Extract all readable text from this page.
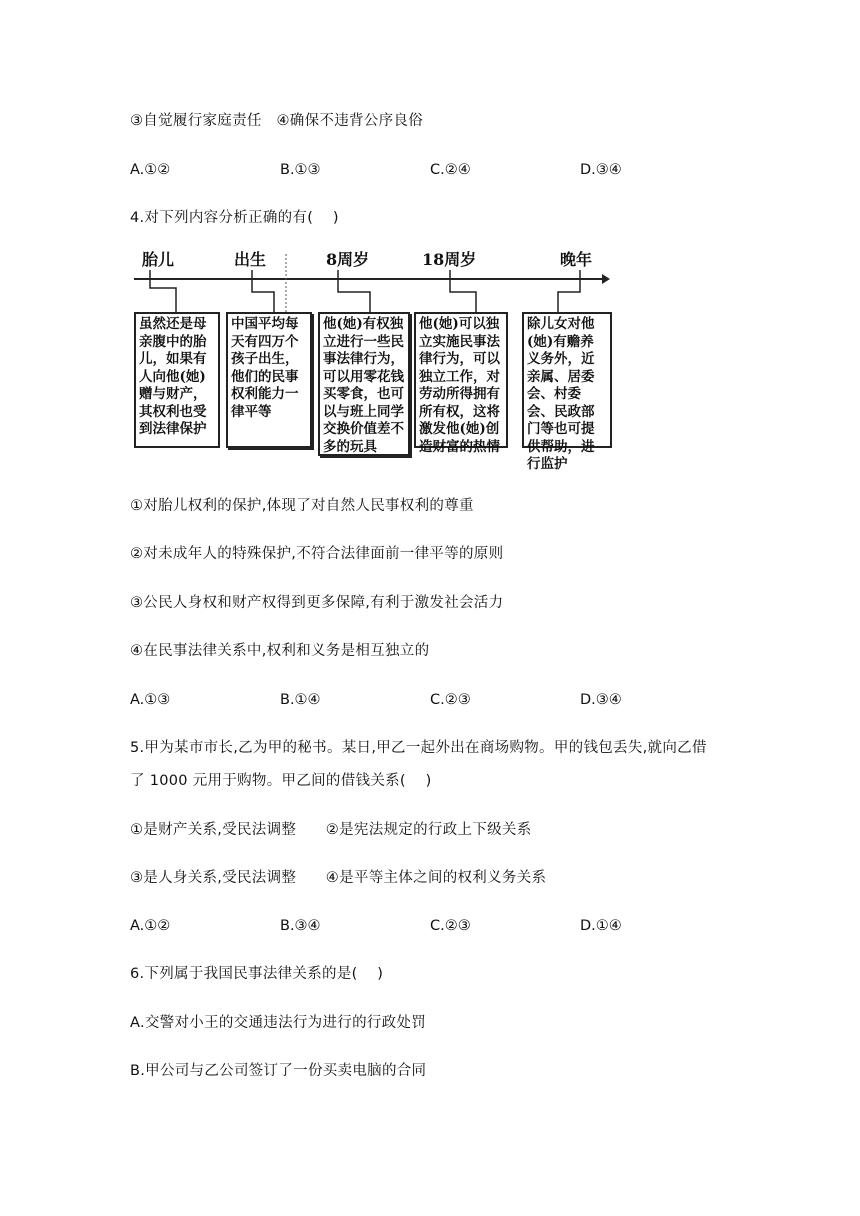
③自觉履行家庭责任　④确保不违背公序良俗
A.①②	B.①③	C.②④	D.③④
4.对下列内容分析正确的有(　 )
胎儿	出生	8周岁	18周岁	晚年
虽然还是母亲腹中的胎儿，如果有人向他(她)赠与财产，其权利也受到法律保护
中国平均每天有四万个孩子出生，他们的民事权利能力一律平等
他(她)有权独立进行一些民事法律行为，可以用零花钱买零食，也可以与班上同学交换价值差不多的玩具
他(她)可以独立实施民事法律行为，可以独立工作，对劳动所得拥有所有权，这将激发他(她)创造财富的热情
除儿女对他(她)有赡养义务外，近亲属、居委会、村委会、民政部门等也可提供帮助，进行监护
①对胎儿权利的保护,体现了对自然人民事权利的尊重
②对未成年人的特殊保护,不符合法律面前一律平等的原则
③公民人身权和财产权得到更多保障,有利于激发社会活力
④在民事法律关系中,权利和义务是相互独立的
A.①③	B.①④	C.②③	D.③④
5.甲为某市市长,乙为甲的秘书。某日,甲乙一起外出在商场购物。甲的钱包丢失,就向乙借
了 1000 元用于购物。甲乙间的借钱关系(　 )
①是财产关系,受民法调整　　②是宪法规定的行政上下级关系
③是人身关系,受民法调整　　④是平等主体之间的权利义务关系
A.①②	B.③④	C.②③	D.①④
6.下列属于我国民事法律关系的是(　 )
A.交警对小王的交通违法行为进行的行政处罚
B.甲公司与乙公司签订了一份买卖电脑的合同
